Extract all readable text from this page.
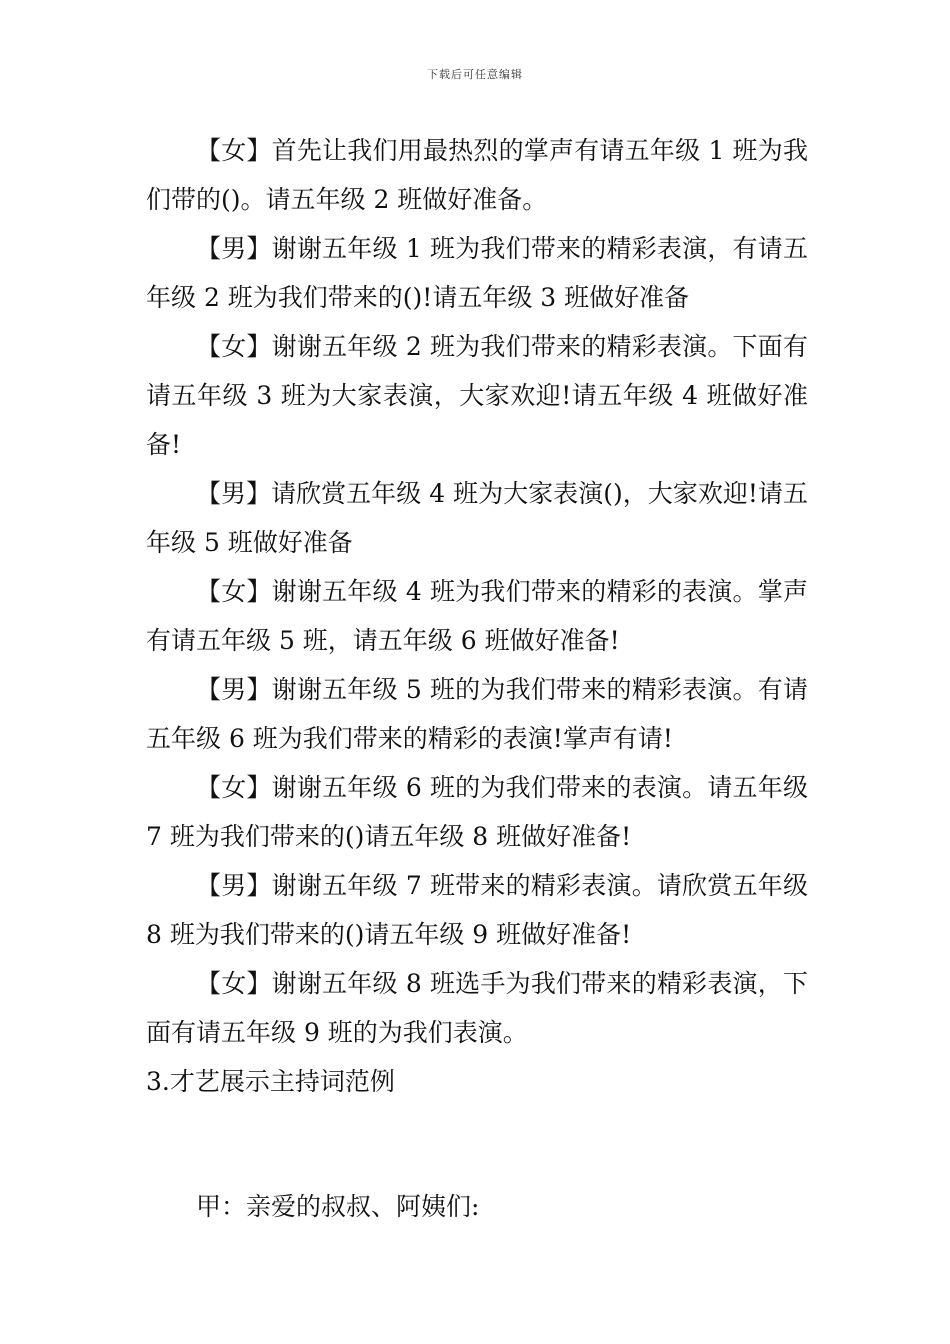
下载后可任意编辑

【女】首先让我们用最热烈的掌声有请五年级 1 班为我们带的()。请五年级 2 班做好准备。

【男】谢谢五年级 1 班为我们带来的精彩表演，有请五年级 2 班为我们带来的()!请五年级 3 班做好准备

【女】谢谢五年级 2 班为我们带来的精彩表演。下面有请五年级 3 班为大家表演，大家欢迎!请五年级 4 班做好准备!

【男】请欣赏五年级 4 班为大家表演()，大家欢迎!请五年级 5 班做好准备

【女】谢谢五年级 4 班为我们带来的精彩的表演。掌声有请五年级 5 班，请五年级 6 班做好准备!

【男】谢谢五年级 5 班的为我们带来的精彩表演。有请五年级 6 班为我们带来的精彩的表演!掌声有请!

【女】谢谢五年级 6 班的为我们带来的表演。请五年级 7 班为我们带来的()请五年级 8 班做好准备!

【男】谢谢五年级 7 班带来的精彩表演。请欣赏五年级 8 班为我们带来的()请五年级 9 班做好准备!

【女】谢谢五年级 8 班选手为我们带来的精彩表演，下面有请五年级 9 班的为我们表演。

3.才艺展示主持词范例

甲：亲爱的叔叔、阿姨们:
